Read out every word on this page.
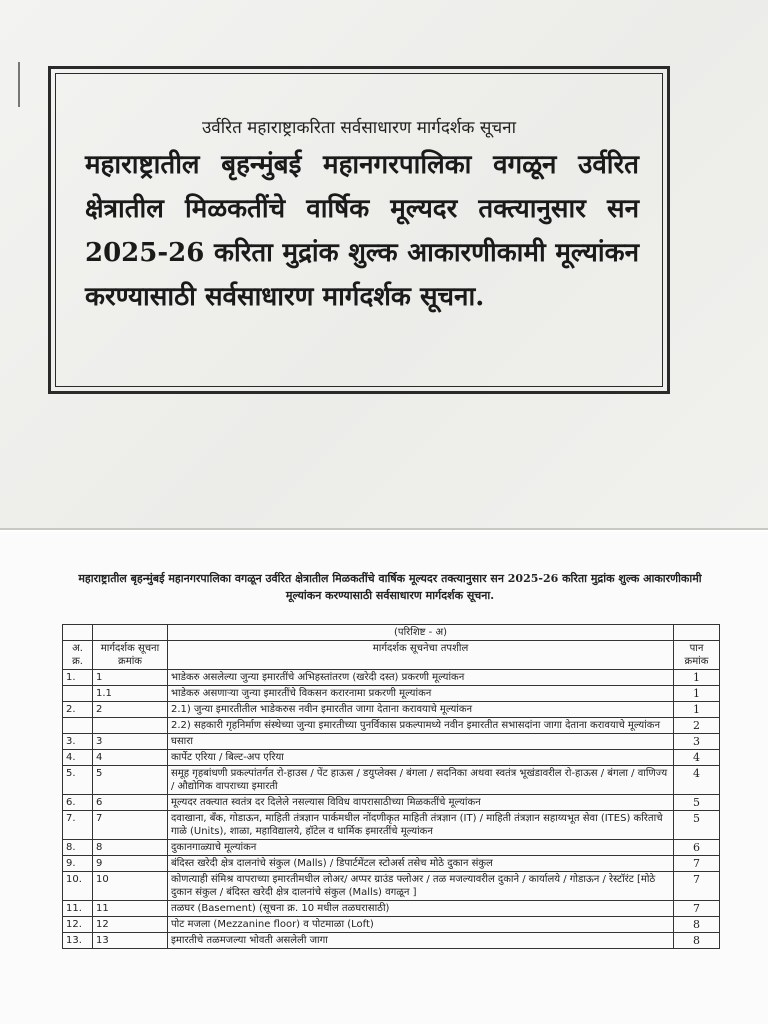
उर्वरित महाराष्ट्राकरिता सर्वसाधारण मार्गदर्शक सूचना
महाराष्ट्रातील बृहन्मुंबई महानगरपालिका वगळून उर्वरित क्षेत्रातील मिळकतींचे वार्षिक मूल्यदर तक्त्यानुसार सन 2025-26 करिता मुद्रांक शुल्क आकारणीकामी मूल्यांकन करण्यासाठी सर्वसाधारण मार्गदर्शक सूचना.
महाराष्ट्रातील बृहन्मुंबई महानगरपालिका वगळून उर्वरित क्षेत्रातील मिळकतींचे वार्षिक मूल्यदर तक्त्यानुसार सन 2025-26 करिता मुद्रांक शुल्क आकारणीकामी मूल्यांकन करण्यासाठी सर्वसाधारण मार्गदर्शक सूचना.
		(परिशिष्ट - अ)	
अ. क्र.	मार्गदर्शक सूचना क्रमांक	मार्गदर्शक सूचनेचा तपशील	पान क्रमांक
1.	1	भाडेकरु असलेल्या जुन्या इमारतींचे अभिहस्तांतरण (खरेदी दस्त) प्रकरणी मूल्यांकन	1
	1.1	भाडेकरु असणाऱ्या जुन्या इमारतींचे विकसन करारनामा प्रकरणी मूल्यांकन	1
2.	2	2.1) जुन्या इमारतीतील भाडेकरुस नवीन इमारतीत जागा देताना करावयाचे मूल्यांकन	1
		2.2) सहकारी गृहनिर्माण संस्थेच्या जुन्या इमारतीच्या पुनर्विकास प्रकल्पामध्ये नवीन इमारतीत सभासदांना जागा देताना करावयाचे मूल्यांकन	2
3.	3	घसारा	3
4.	4	कार्पेट एरिया / बिल्ट-अप एरिया	4
5.	5	समूह गृहबांधणी प्रकल्पांतर्गत रो-हाउस / पेंट हाऊस / डयुप्लेक्स / बंगला / सदनिका अथवा स्वतंत्र भूखंडावरील रो-हाऊस / बंगला / वाणिज्य / औद्योगिक वापराच्या इमारती	4
6.	6	मूल्यदर तक्त्यात स्वतंत्र दर दिलेले नसल्यास विविध वापरासाठीच्या मिळकतींचे मूल्यांकन	5
7.	7	दवाखाना, बँक, गोडाऊन, माहिती तंत्रज्ञान पार्कमधील नोंदणीकृत माहिती तंत्रज्ञान (IT) / माहिती तंत्रज्ञान सहाय्यभूत सेवा (ITES) करिताचे गाळे (Units), शाळा, महाविद्यालये, हॉटेल व धार्मिक इमारतींचे मूल्यांकन	5
8.	8	दुकानगाळ्याचे मूल्यांकन	6
9.	9	बंदिस्त खरेदी क्षेत्र दालनांचे संकुल (Malls) / डिपार्टमेंटल स्टोअर्स तसेच मोठे दुकान संकुल	7
10.	10	कोणत्याही संमिश्र वापराच्या इमारतीमधील लोअर/ अप्पर ग्राउंड फ्लोअर / तळ मजल्यावरील दुकाने / कार्यालये / गोडाऊन / रेस्टॉरंट [मोठे दुकान संकुल / बंदिस्त खरेदी क्षेत्र दालनांचे संकुल (Malls) वगळून ]	7
11.	11	तळघर (Basement) (सूचना क्र. 10 मधील तळघरासाठी)	7
12.	12	पोट मजला (Mezzanine floor) व पोटमाळा (Loft)	8
13.	13	इमारतीचे तळमजल्या भोवती असलेली जागा	8
